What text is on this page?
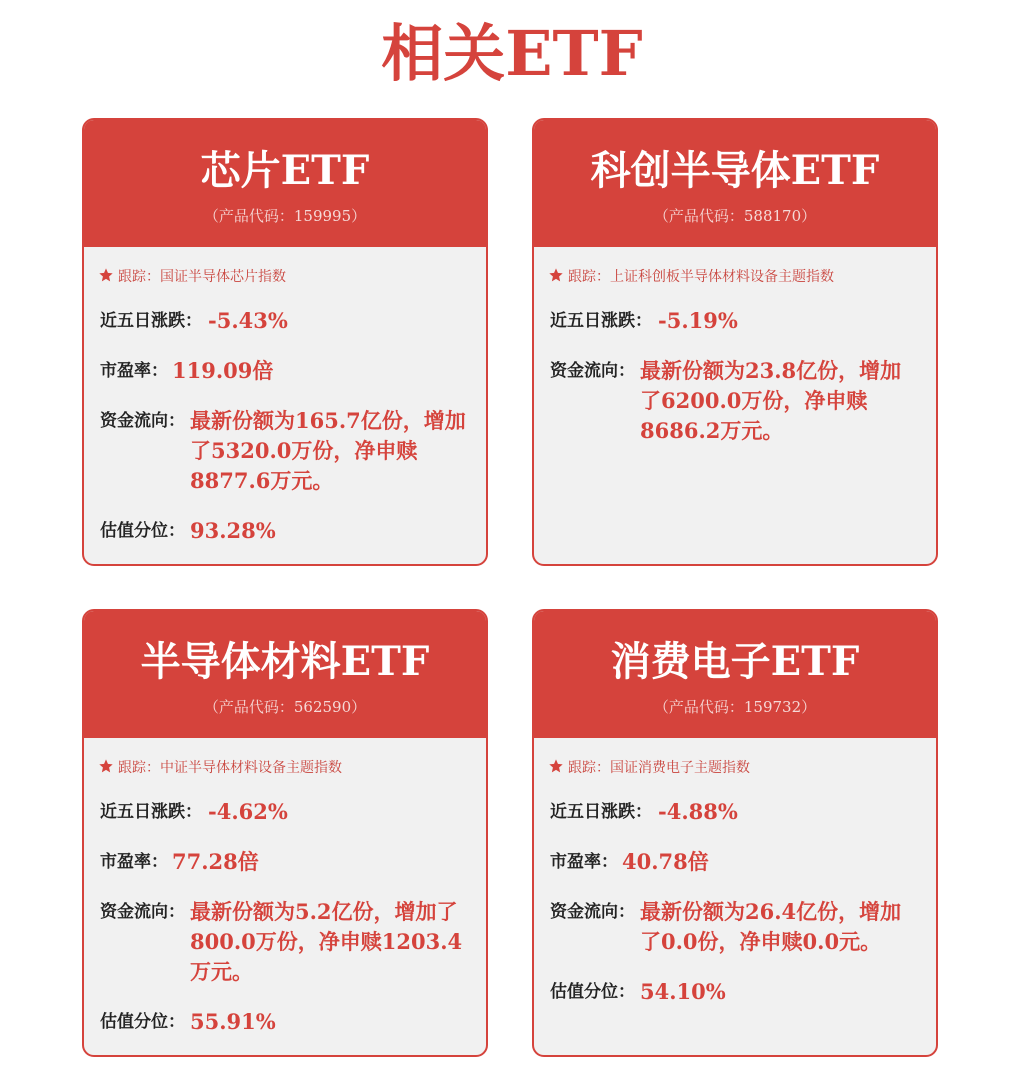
相关ETF
芯片ETF
（产品代码：159995）
跟踪：国证半导体芯片指数
近五日涨跌： -5.43%
市盈率： 119.09倍
资金流向： 最新份额为165.7亿份，增加了5320.0万份，净申赎8877.6万元。
估值分位： 93.28%
科创半导体ETF
（产品代码：588170）
跟踪：上证科创板半导体材料设备主题指数
近五日涨跌： -5.19%
资金流向： 最新份额为23.8亿份，增加了6200.0万份，净申赎8686.2万元。
半导体材料ETF
（产品代码：562590）
跟踪：中证半导体材料设备主题指数
近五日涨跌： -4.62%
市盈率： 77.28倍
资金流向： 最新份额为5.2亿份，增加了800.0万份，净申赎1203.4万元。
估值分位： 55.91%
消费电子ETF
（产品代码：159732）
跟踪：国证消费电子主题指数
近五日涨跌： -4.88%
市盈率： 40.78倍
资金流向： 最新份额为26.4亿份，增加了0.0份，净申赎0.0元。
估值分位： 54.10%
